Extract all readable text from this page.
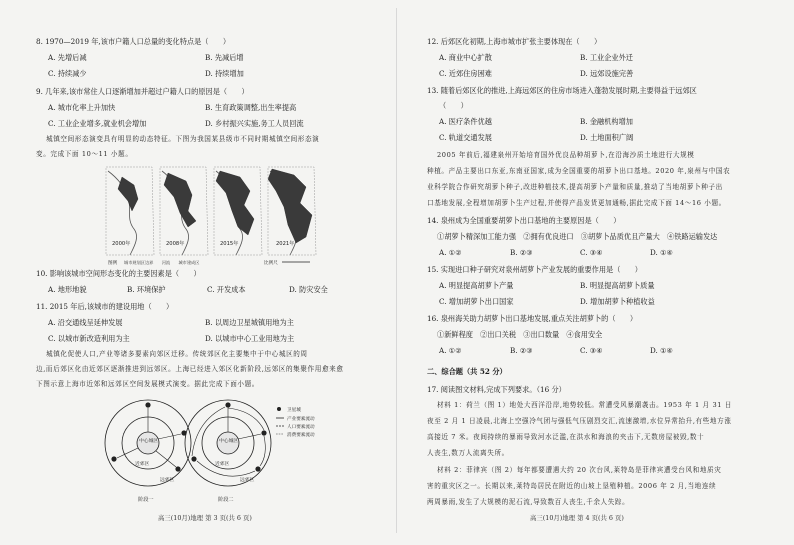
8. 1970—2019 年,该市户籍人口总量的变化特点是（　　）
A. 先增后减	B. 先减后增
C. 持续减少	D. 持续增加
9. 几年来,该市常住人口逐渐增加并超过户籍人口的原因是（　　）
A. 城市化率上升加快	B. 生育政策调整,出生率提高
C. 工业企业增多,就业机会增加	D. 乡村振兴实施,务工人员回流
城镇空间形态演变具有明显的动态特征。下图为我国某县级市不同时期城镇空间形态演
变。完成下面 10～11 小题。
2000年	2008年	2015年	2021年
图例 城市规划区边界　　河流　　城市建成区	比例尺
10. 影响该城市空间形态变化的主要因素是（　　）
A. 地形地貌	B. 环境保护	C. 开发成本	D. 防灾安全
11. 2015 年后,该城市的建设用地（　　）
A. 沿交通线呈延伸发展	B. 以周边卫星城镇用地为主
C. 以城市新改造利用为主	D. 以城市中心工业用地为主
城镇化促使人口,产业等诸多要素向郊区迁移。传统郊区化主要集中于中心城区的周
边,而后郊区化由近郊区逐渐推进到远郊区。上海已经进入郊区化新阶段,远郊区的集聚作用愈来愈
下图示意上海市近郊和远郊区空间发展模式演变。据此完成下面小题。
中心城区
近郊区
远郊区
阶段一
中心城区
近郊区
远郊区
阶段二
卫星城
产业要素流动
人口要素流动
消费要素流动
高三(10月)地理 第 3 页(共 6 页)
12. 后郊区化初期,上海市城市扩张主要体现在（　　）
A. 商业中心扩散	B. 工业企业外迁
C. 近郊住房困难	D. 远郊设施完善
13. 随着后郊区化的推进,上海远郊区的住房市场进入蓬勃发展时期,主要得益于远郊区
（　　）
A. 医疗条件优越	B. 金融机构增加
C. 轨道交通发展	D. 土地面积广阔
2005 年前后,福建泉州开始培育国外优良品种胡萝卜,在沿海沙质土地进行大规模
种植。产品主要出口东亚,东南亚国家,成为全国重要的胡萝卜出口基地。2020 年,泉州与中国农
业科学院合作研究胡萝卜种子,改进种植技术,提高胡萝卜产量和质量,推动了当地胡萝卜种子出
口基地发展,全程增加胡萝卜生产过程,并使得产品发货更加通畅,据此完成下面 14～16 小题。
14. 泉州成为全国重要胡萝卜出口基地的主要原因是（　　）
①胡萝卜精深加工能力强　②拥有优良进口　③胡萝卜品质优且产量大　④铁路运输发达
A. ①②	B. ②③	C. ③④	D. ①④
15. 实现进口种子研究对泉州胡萝卜产业发展的重要作用是（　　）
A. 明显提高胡萝卜产量	B. 明显提高胡萝卜质量
C. 增加胡萝卜出口国家	D. 增加胡萝卜种植收益
16. 泉州海关助力胡萝卜出口基地发展,重点关注胡萝卜的（　　）
①新鲜程度　②出口关税　③出口数量　④食用安全
A. ①②	B. ②③	C. ③④	D. ①④
二、综合题（共 52 分）
17. 阅读图文材料,完成下列要求。（16 分）
材料 1：荷兰（图 1）地处大西洋沿岸,地势较低。常遭受风暴潮袭击。1953 年 1 月 31 日
夜至 2 月 1 日凌晨,北海上空强冷气团与强低气压剧烈交汇,流速激增,水位异常抬升,有些地方涨
高接近 7 米。夜间持续的暴雨导致河水泛滥,在洪水和海浪的夹击下,无数房屋被毁,数十
人丧生,数万人流离失所。
材料 2：菲律宾（图 2）每年都要遭遇大约 20 次台风,莱特岛是菲律宾遭受台风和地质灾
害的重灾区之一。长期以来,莱特岛居民在附近的山坡上垦殖种植。2006 年 2 月,当地连续
两周暴雨,发生了大规模的泥石流,导致数百人丧生,千余人失踪。
高三(10月)地理 第 4 页(共 6 页)
